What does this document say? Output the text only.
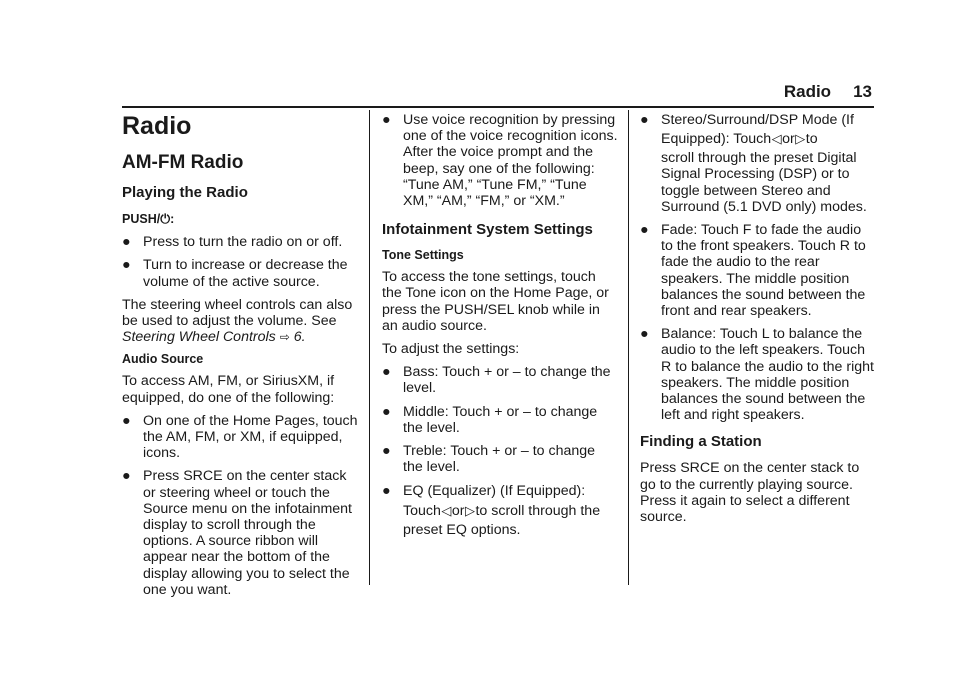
Radio 13
Radio
AM-FM Radio
Playing the Radio

PUSH/⏻:

● Press to turn the radio on or off.
● Turn to increase or decrease the volume of the active source.

The steering wheel controls can also be used to adjust the volume. See Steering Wheel Controls ⇨ 6.

Audio Source

To access AM, FM, or SiriusXM, if equipped, do one of the following:

● On one of the Home Pages, touch the AM, FM, or XM, if equipped, icons.
● Press SRCE on the center stack or steering wheel or touch the Source menu on the infotainment display to scroll through the options. A source ribbon will appear near the bottom of the display allowing you to select the one you want.
● Use voice recognition by pressing one of the voice recognition icons. After the voice prompt and the beep, say one of the following: “Tune AM,” “Tune FM,” “Tune XM,” “AM,” “FM,” or “XM.”
Infotainment System Settings
Tone Settings

To access the tone settings, touch the Tone icon on the Home Page, or press the PUSH/SEL knob while in an audio source.

To adjust the settings:

● Bass: Touch + or – to change the level.
● Middle: Touch + or – to change the level.
● Treble: Touch + or – to change the level.
● EQ (Equalizer) (If Equipped):
Touch◁or▷to scroll through the preset EQ options.
● Stereo/Surround/DSP Mode (If
Equipped): Touch◁or▷to
scroll through the preset Digital Signal Processing (DSP) or to toggle between Stereo and Surround (5.1 DVD only) modes.
● Fade: Touch F to fade the audio to the front speakers. Touch R to fade the audio to the rear speakers. The middle position balances the sound between the front and rear speakers.
● Balance: Touch L to balance the audio to the left speakers. Touch R to balance the audio to the right speakers. The middle position balances the sound between the left and right speakers.
Finding a Station

Press SRCE on the center stack to go to the currently playing source. Press it again to select a different source.
